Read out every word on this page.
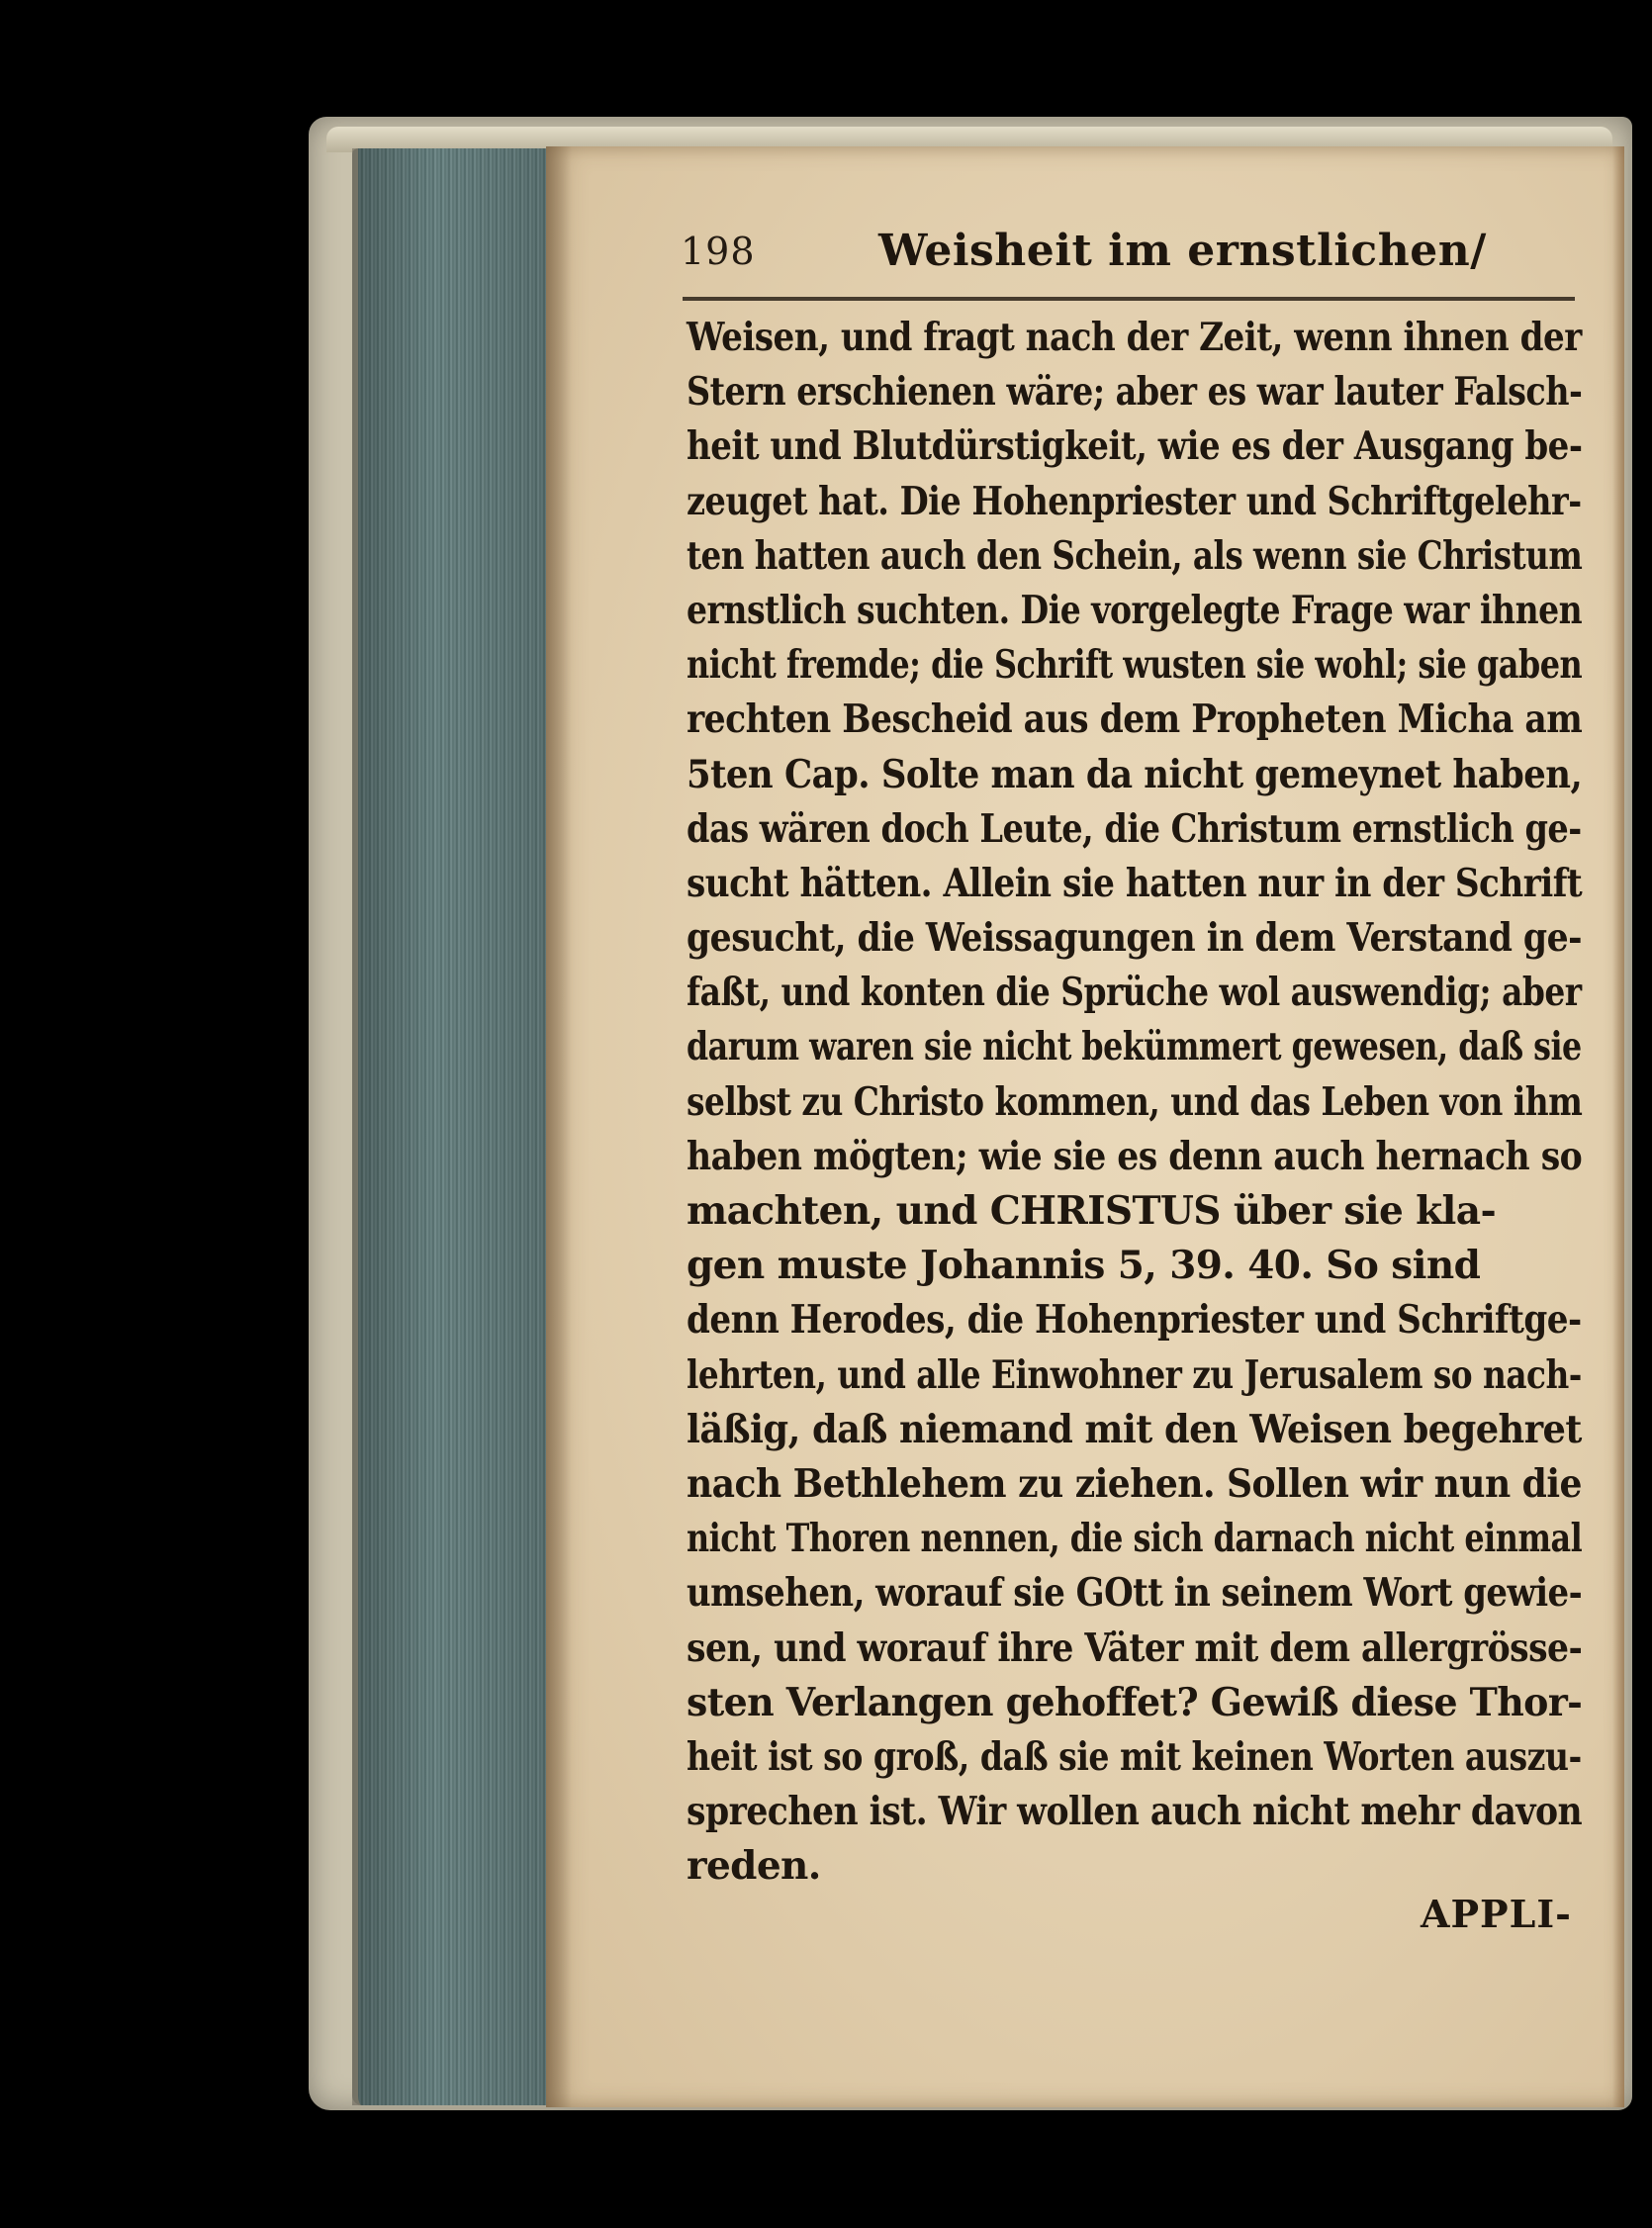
198	Weisheit im ernstlichen/
Weisen, und fragt nach der Zeit, wenn ihnen der
Stern erschienen wäre; aber es war lauter Falsch-
heit und Blutdürstigkeit, wie es der Ausgang be-
zeuget hat. Die Hohenpriester und Schriftgelehr-
ten hatten auch den Schein, als wenn sie Christum
ernstlich suchten. Die vorgelegte Frage war ihnen
nicht fremde; die Schrift wusten sie wohl; sie gaben
rechten Bescheid aus dem Propheten Micha am
5ten Cap. Solte man da nicht gemeynet haben,
das wären doch Leute, die Christum ernstlich ge-
sucht hätten. Allein sie hatten nur in der Schrift
gesucht, die Weissagungen in dem Verstand ge-
faßt, und konten die Sprüche wol auswendig; aber
darum waren sie nicht bekümmert gewesen, daß sie
selbst zu Christo kommen, und das Leben von ihm
haben mögten; wie sie es denn auch hernach so
machten, und CHRISTUS über sie kla-
gen muste Johannis 5, 39. 40. So sind
denn Herodes, die Hohenpriester und Schriftge-
lehrten, und alle Einwohner zu Jerusalem so nach-
läßig, daß niemand mit den Weisen begehret
nach Bethlehem zu ziehen. Sollen wir nun die
nicht Thoren nennen, die sich darnach nicht einmal
umsehen, worauf sie GOtt in seinem Wort gewie-
sen, und worauf ihre Väter mit dem allergrösse-
sten Verlangen gehoffet? Gewiß diese Thor-
heit ist so groß, daß sie mit keinen Worten auszu-
sprechen ist. Wir wollen auch nicht mehr davon
reden.
APPLI-
